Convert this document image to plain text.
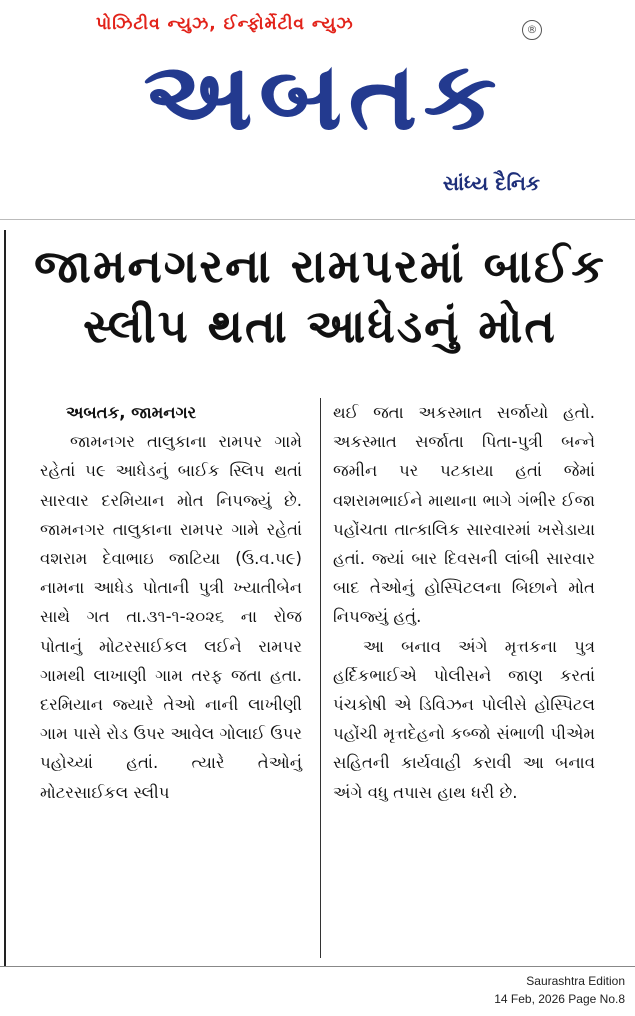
પોઝિટીવ ન્યુઝ, ઈન્ફોર્મેટીવ ન્યુઝ
અબતક
®
સાંધ્ય દૈનિક
જામનગરના રામપરમાં બાઈક
સ્લીપ થતા આધેડનું મોત
અબતક, જામનગર

જામનગર તાલુકાના રામપર ગામે રહેતાં ૫૯ આધેડનું બાઈક સ્લિપ થતાં સારવાર દરમિયાન મોત નિપજ્યું છે. જામનગર તાલુકાના રામપર ગામે રહેતાં વશરામ દેવાભાઇ જાટિયા (ઉ.વ.૫૯) નામના આધેડ પોતાની પુત્રી ખ્યાતીબેન સાથે ગત તા.૩૧-૧-૨૦૨૬ ના રોજ પોતાનું મોટરસાઈકલ લઈને રામપર ગામથી લાખાણી ગામ તરફ જતા હતા. દરમિયાન જ્યારે તેઓ નાની લાખીણી ગામ પાસે રોડ ઉપર આવેલ ગોલાઈ ઉપર પહોચ્યાં હતાં. ત્યારે તેઓનું મોટરસાઈકલ સ્લીપ

થઈ જતા અકસ્માત સર્જાયો હતો. અકસ્માત સર્જાતા પિતા-પુત્રી બન્ને જમીન પર પટકાયા હતાં જેમાં વશરામભાઈને માથાના ભાગે ગંભીર ઈજા પહોંચતા તાત્કાલિક સારવારમાં ખસેડાયા હતાં. જ્યાં બાર દિવસની લાંબી સારવાર બાદ તેઓનું હોસ્પિટલના બિછાને મોત નિપજ્યું હતું.

આ બનાવ અંગે મૃત્તકના પુત્ર હર્દિકભાઈએ પોલીસને જાણ કરતાં પંચકોષી એ ડિવિઝન પોલીસે હોસ્પિટલ પહોંચી મૃત્તદેહનો કબ્જો સંભાળી પીએમ સહિતની કાર્યવાહી કરાવી આ બનાવ અંગે વધુ તપાસ હાથ ધરી છે.

Saurashtra Edition
14 Feb, 2026 Page No.8
